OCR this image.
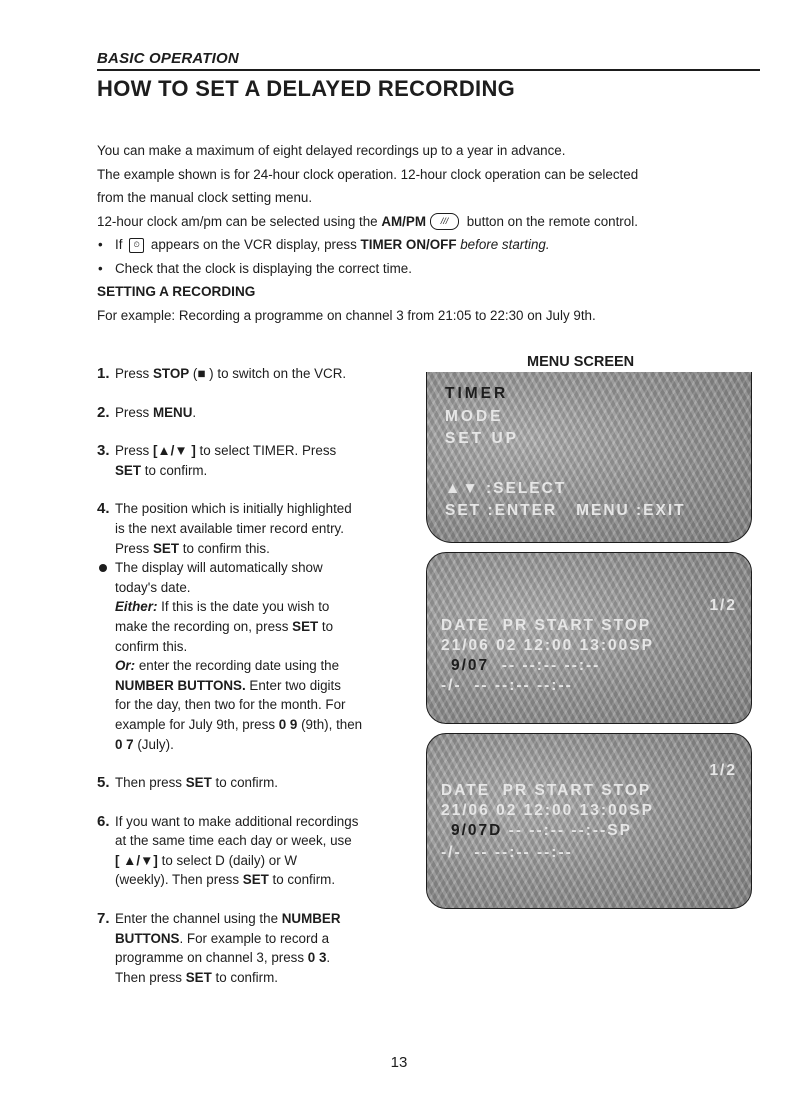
BASIC OPERATION
HOW TO SET A DELAYED RECORDING

You can make a maximum of eight delayed recordings up to a year in advance.

The example shown is for 24-hour clock operation. 12-hour clock operation can be selected

from the manual clock setting menu.

12-hour clock am/pm can be selected using the AM/PM /// button on the remote control.

• If ⏲ appears on the VCR display, press TIMER ON/OFF before starting.

• Check that the clock is displaying the correct time.

SETTING A RECORDING

For example: Recording a programme on channel 3 from 21:05 to 22:30 on July 9th.

1. Press STOP (■ ) to switch on the VCR.

2. Press MENU.

3. Press [▲/▼ ] to select TIMER. Press

SET to confirm.

4. The position which is initially highlighted

is the next available timer record entry.

Press SET to confirm this.

The display will automatically show

today's date.

Either: If this is the date you wish to

make the recording on, press SET to

confirm this.

Or: enter the recording date using the

NUMBER BUTTONS. Enter two digits

for the day, then two for the month. For

example for July 9th, press 0 9 (9th), then

0 7 (July).

5. Then press SET to confirm.

6. If you want to make additional recordings

at the same time each day or week, use

[ ▲/▼] to select D (daily) or W

(weekly). Then press SET to confirm.

7. Enter the channel using the NUMBER

BUTTONS. For example to record a

programme on channel 3, press 0 3.

Then press SET to confirm.

MENU SCREEN
TIMER
MODE
SET UP
▲▼ :SELECT
SET :ENTER   MENU :EXIT
1/2
DATE  PR START STOP
21/06 02 12:00 13:00SP
9/07  -- --:-- --:--
-/-  -- --:-- --:--
1/2
DATE  PR START STOP
21/06 02 12:00 13:00SP
9/07D -- --:-- --:--SP
-/-  -- --:-- --:--
13
